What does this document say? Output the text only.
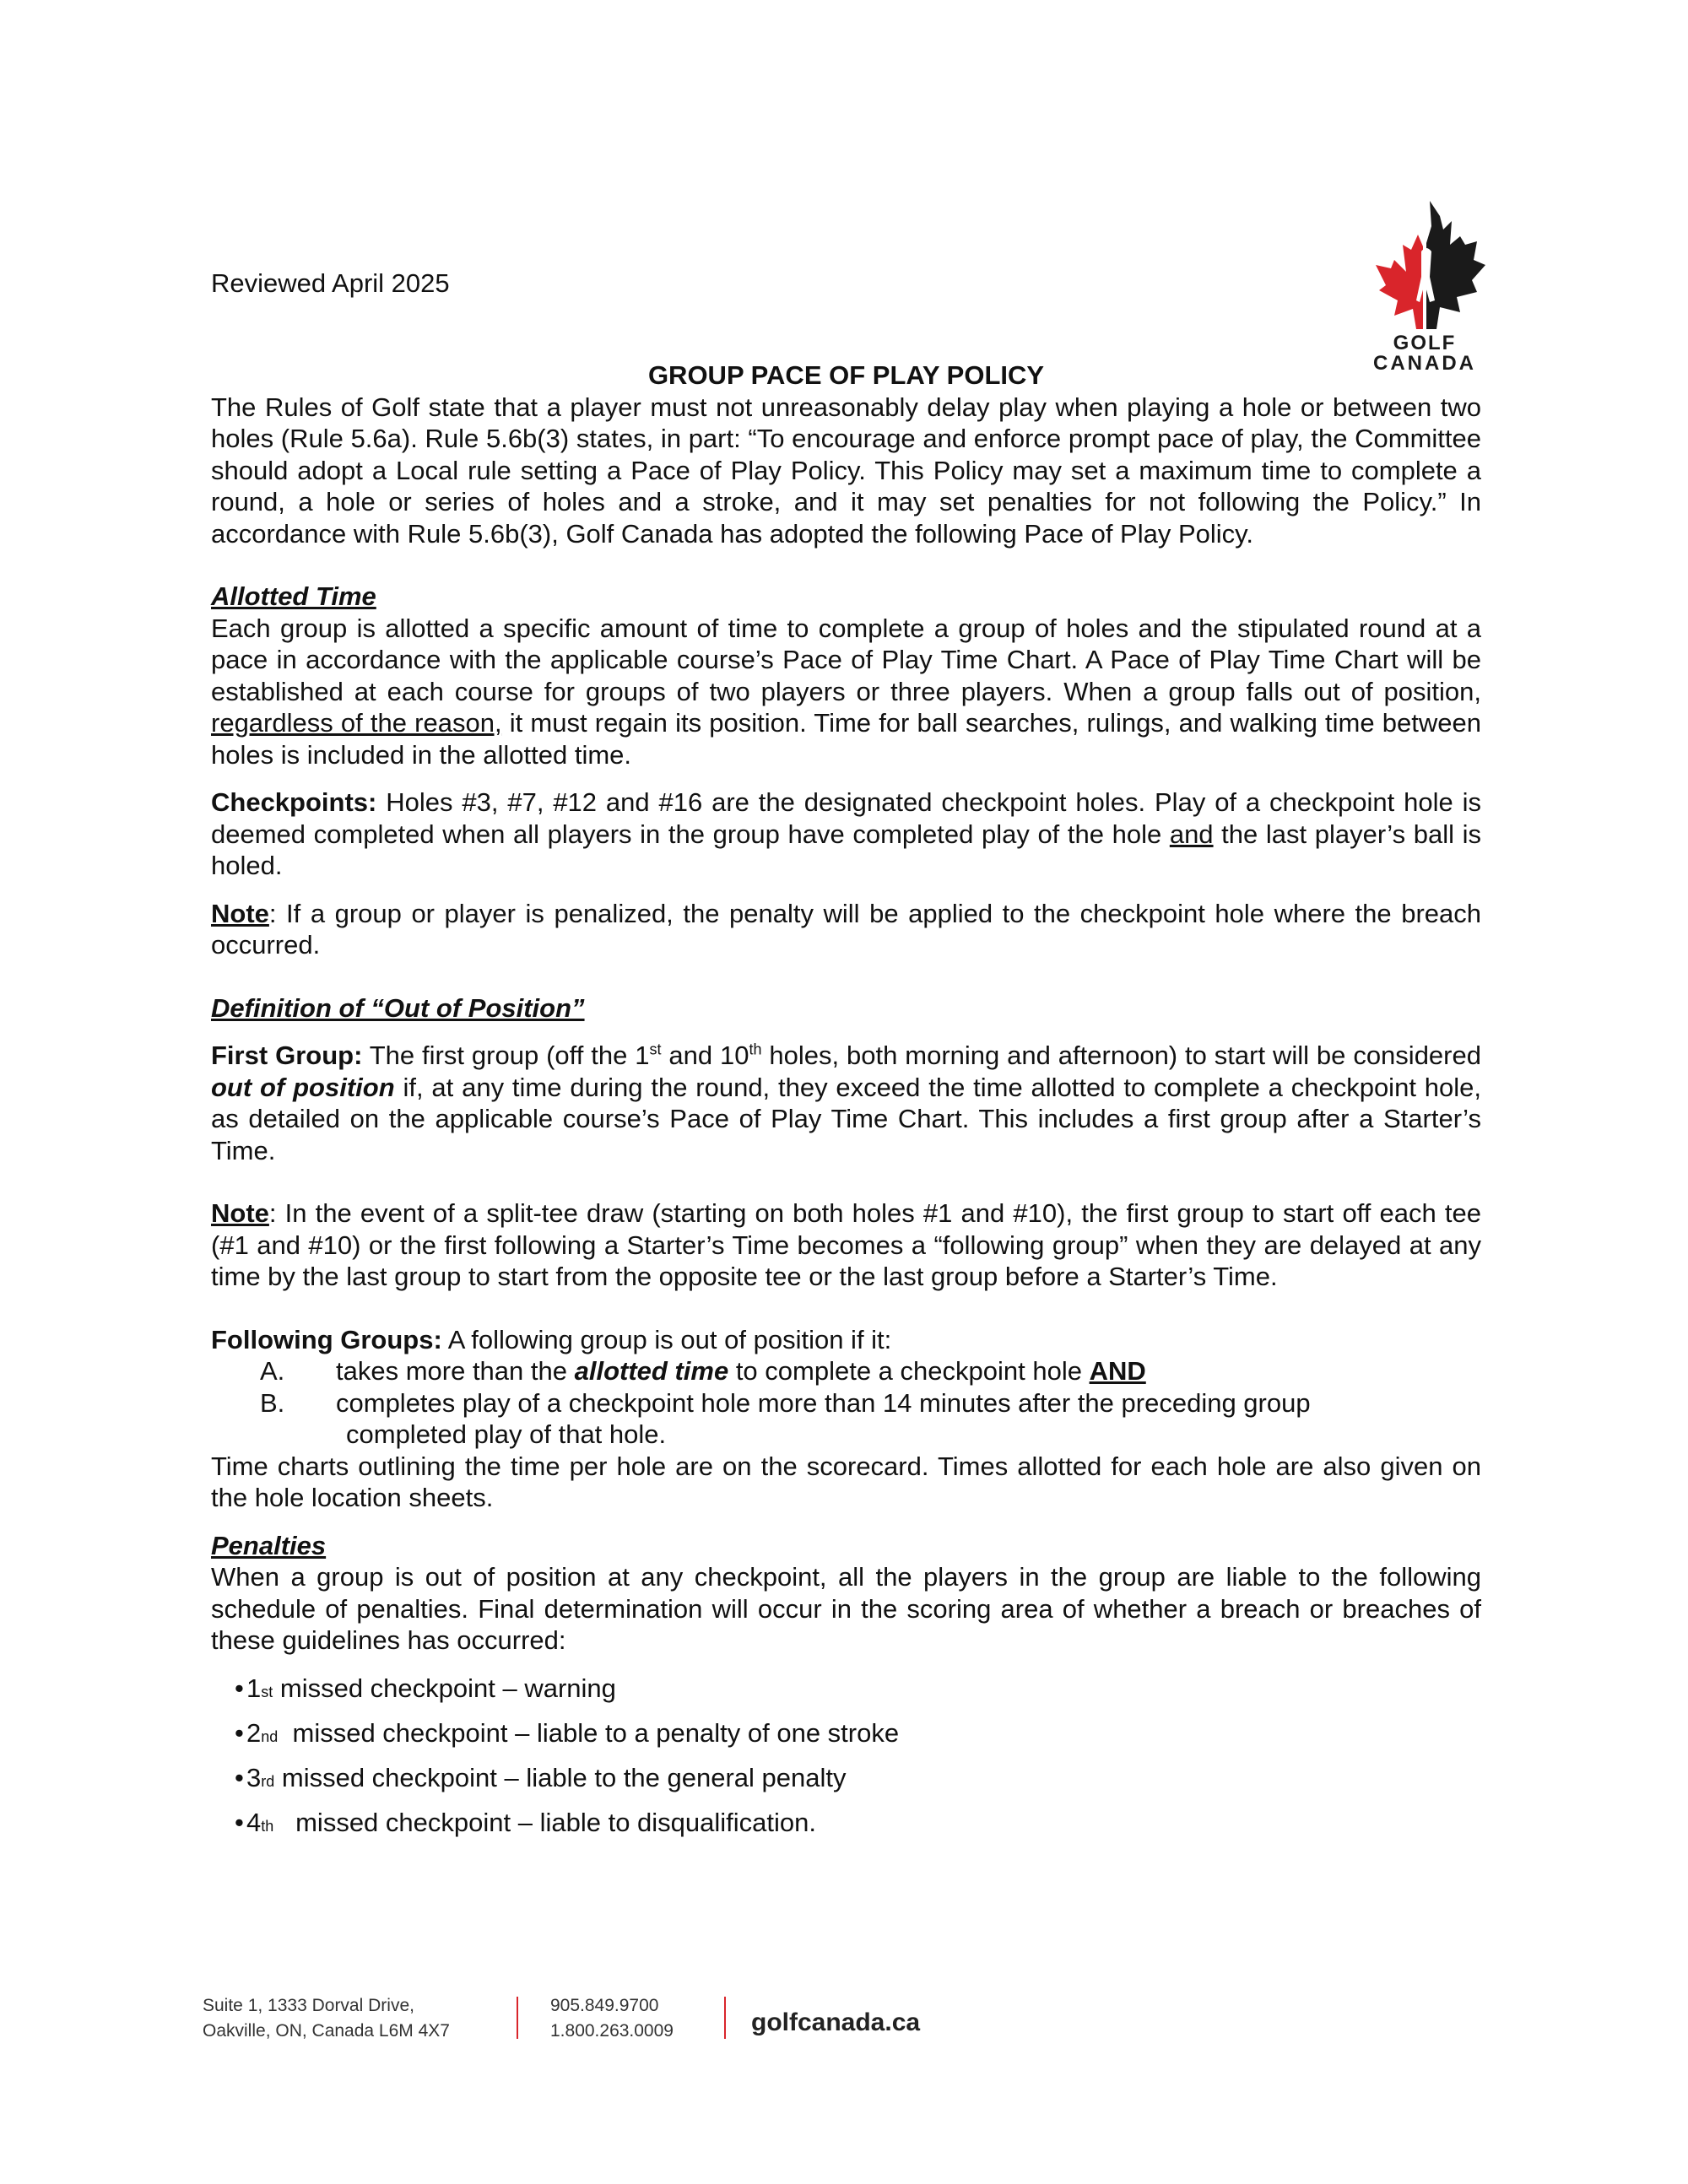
Reviewed April 2025
GOLF
CANADA

GROUP PACE OF PLAY POLICY

The Rules of Golf state that a player must not unreasonably delay play when playing a hole or between two holes (Rule 5.6a). Rule 5.6b(3) states, in part: “To encourage and enforce prompt pace of play, the Committee should adopt a Local rule setting a Pace of Play Policy. This Policy may set a maximum time to complete a round, a hole or series of holes and a stroke, and it may set penalties for not following the Policy.” In accordance with Rule 5.6b(3), Golf Canada has adopted the following Pace of Play Policy.

Allotted Time

Each group is allotted a specific amount of time to complete a group of holes and the stipulated round at a pace in accordance with the applicable course’s Pace of Play Time Chart. A Pace of Play Time Chart will be established at each course for groups of two players or three players. When a group falls out of position, regardless of the reason, it must regain its position. Time for ball searches, rulings, and walking time between holes is included in the allotted time.

Checkpoints: Holes #3, #7, #12 and #16 are the designated checkpoint holes. Play of a checkpoint hole is deemed completed when all players in the group have completed play of the hole and the last player’s ball is holed.

Note: If a group or player is penalized, the penalty will be applied to the checkpoint hole where the breach occurred.

Definition of “Out of Position”

First Group: The first group (off the 1st and 10th holes, both morning and afternoon) to start will be considered out of position if, at any time during the round, they exceed the time allotted to complete a checkpoint hole, as detailed on the applicable course’s Pace of Play Time Chart. This includes a first group after a Starter’s Time.

Note: In the event of a split-tee draw (starting on both holes #1 and #10), the first group to start off each tee (#1 and #10) or the first following a Starter’s Time becomes a “following group” when they are delayed at any time by the last group to start from the opposite tee or the last group before a Starter’s Time.

Following Groups: A following group is out of position if it:

A.	takes more than the allotted time to complete a checkpoint hole AND
B.	completes play of a checkpoint hole more than 14 minutes after the preceding group

completed play of that hole.

Time charts outlining the time per hole are on the scorecard. Times allotted for each hole are also given on the hole location sheets.

Penalties

When a group is out of position at any checkpoint, all the players in the group are liable to the following schedule of penalties. Final determination will occur in the scoring area of whether a breach or breaches of these guidelines has occurred:

• 1 st missed checkpoint – warning
• 2 nd missed checkpoint – liable to a penalty of one stroke
• 3 rd missed checkpoint – liable to the general penalty
• 4 th missed checkpoint – liable to disqualification.
Suite 1, 1333 Dorval Drive,
Oakville, ON, Canada L6M 4X7
905.849.9700
1.800.263.0009	golfcanada.ca
